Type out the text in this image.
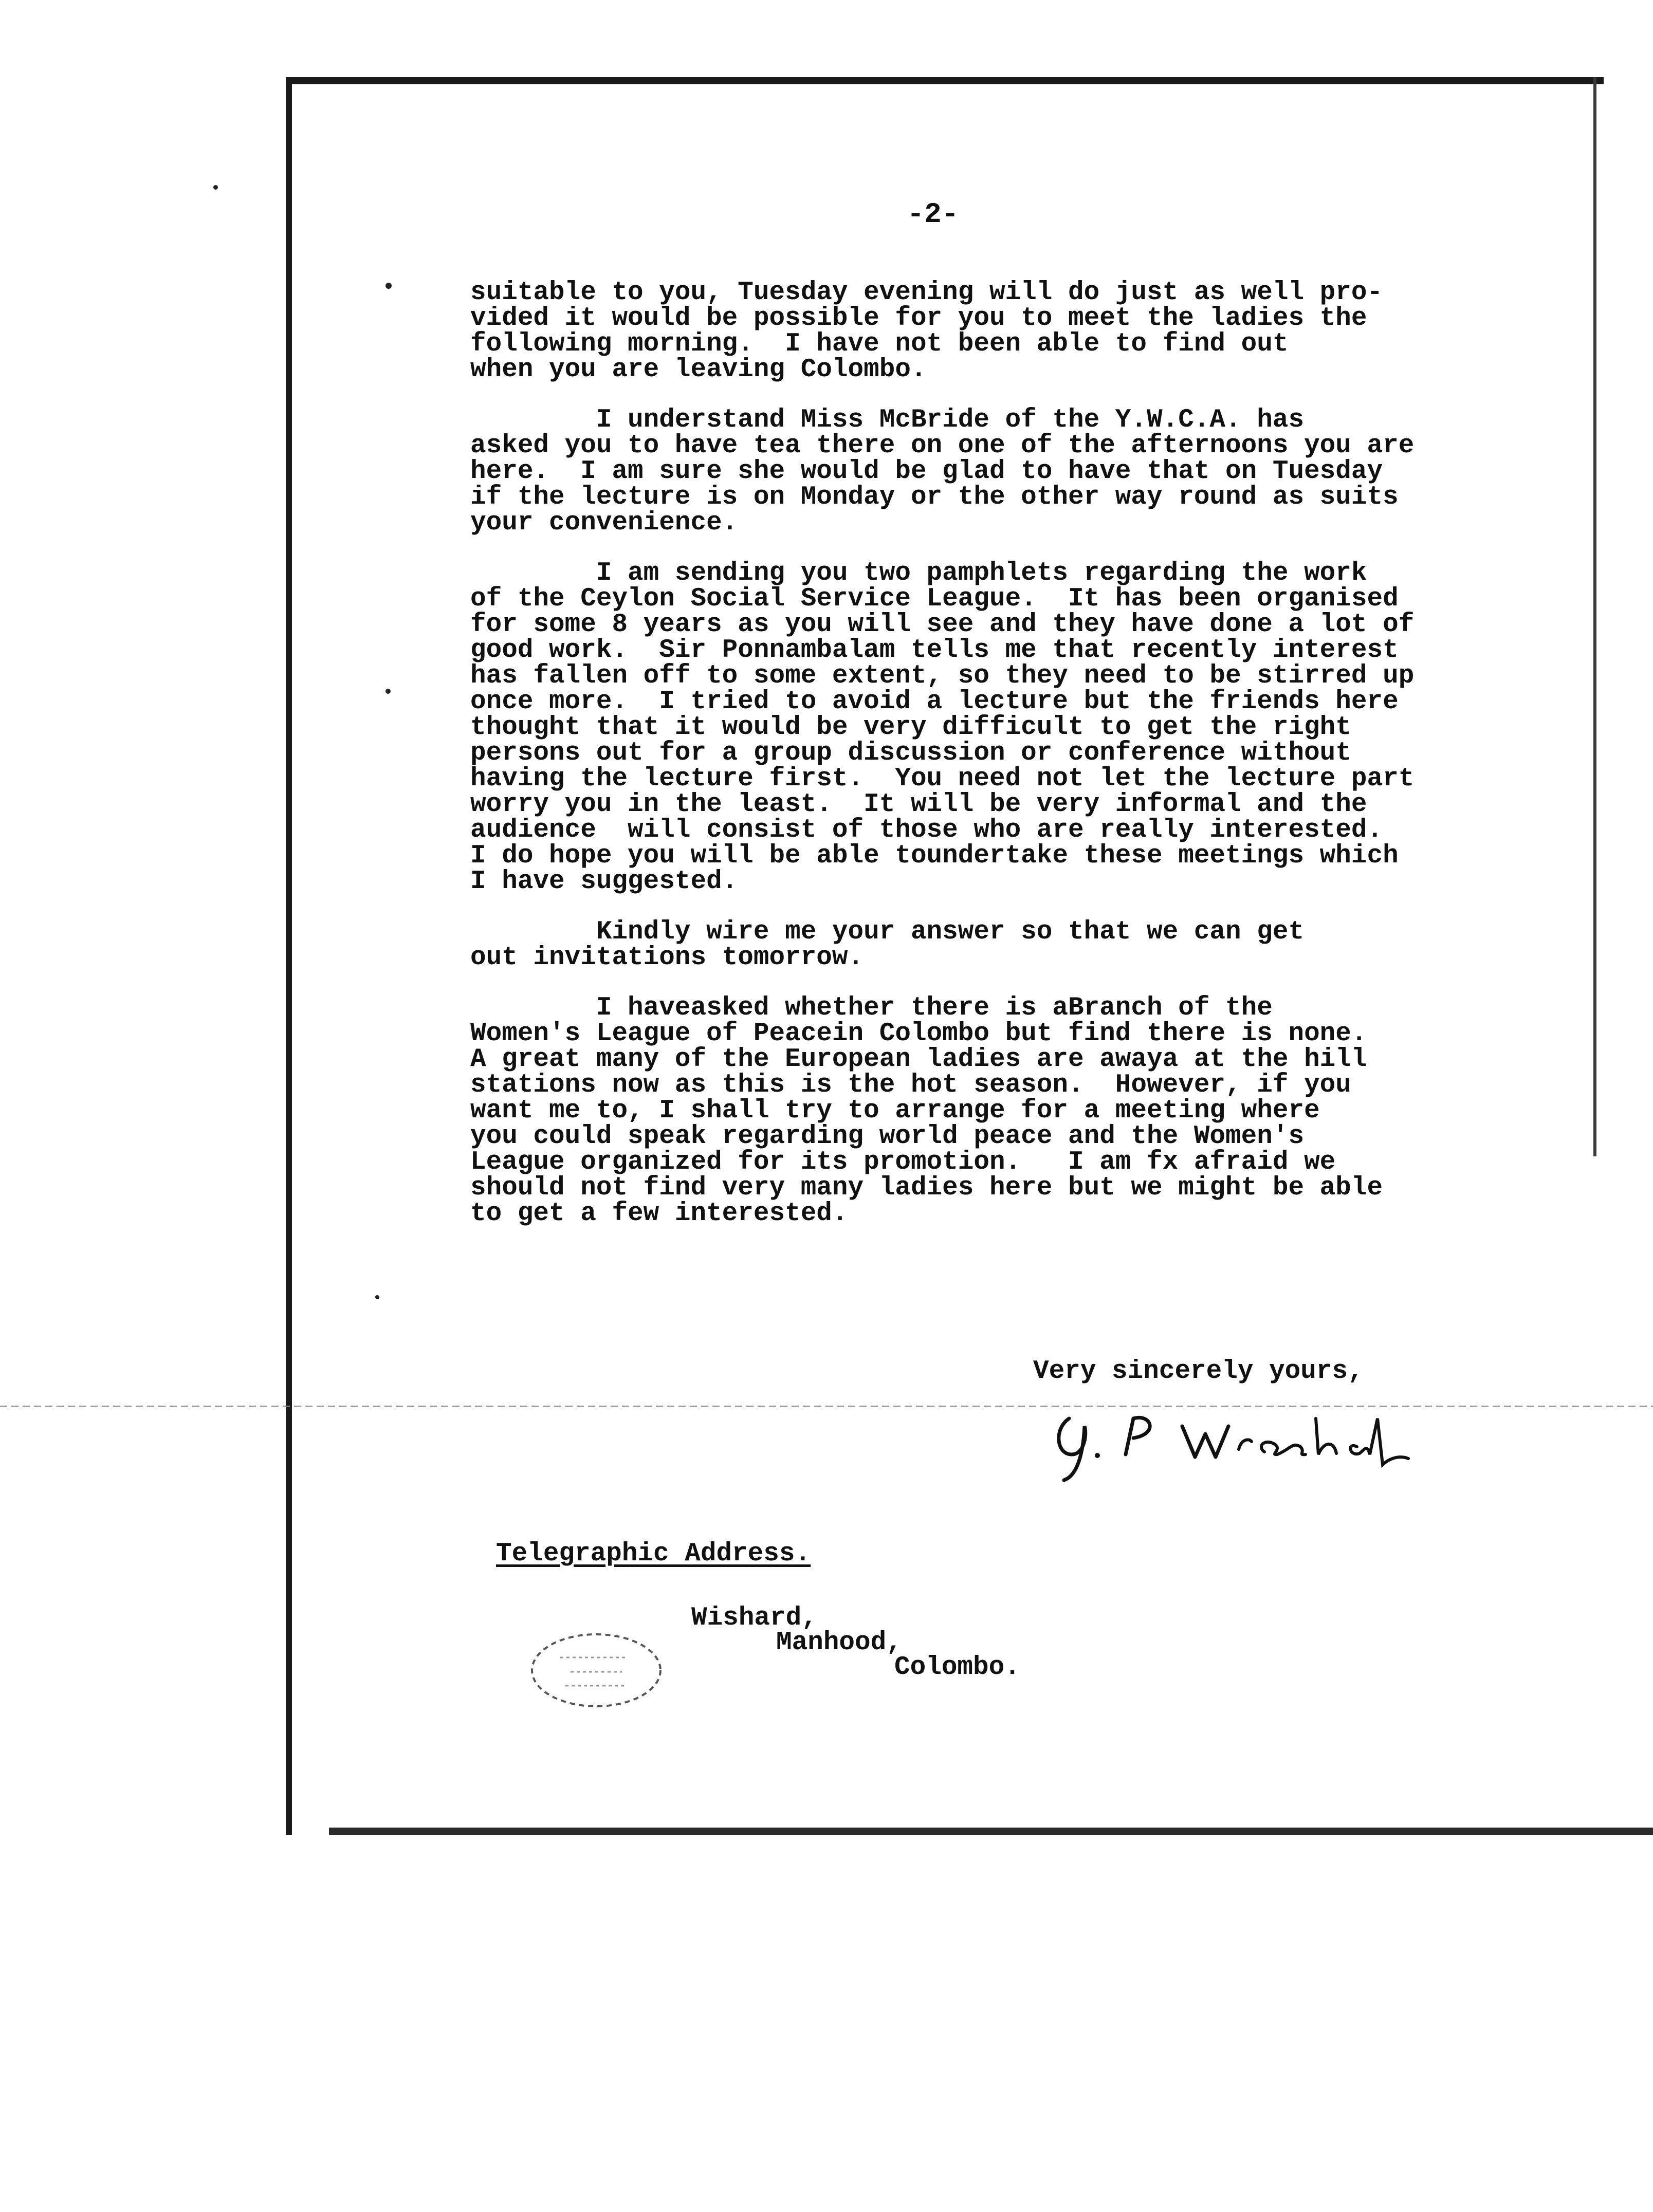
-2-

suitable to you, Tuesday evening will do just as well pro-
vided it would be possible for you to meet the ladies the
following morning.  I have not been able to find out
when you are leaving Colombo.

I understand Miss McBride of the Y.W.C.A. has
asked you to have tea there on one of the afternoons you are
here.  I am sure she would be glad to have that on Tuesday
if the lecture is on Monday or the other way round as suits
your convenience.

I am sending you two pamphlets regarding the work
of the Ceylon Social Service League.  It has been organised
for some 8 years as you will see and they have done a lot of
good work.  Sir Ponnambalam tells me that recently interest
has fallen off to some extent, so they need to be stirred up
once more.  I tried to avoid a lecture but the friends here
thought that it would be very difficult to get the right
persons out for a group discussion or conference without
having the lecture first.  You need not let the lecture part
worry you in the least.  It will be very informal and the
audience  will consist of those who are really interested.
I do hope you will be able toundertake these meetings which
I have suggested.

Kindly wire me your answer so that we can get
out invitations tomorrow.

I haveasked whether there is aBranch of the
Women's League of Peacein Colombo but find there is none.
A great many of the European ladies are awaya at the hill
stations now as this is the hot season.  However, if you
want me to, I shall try to arrange for a meeting where
you could speak regarding world peace and the Women's
League organized for its promotion.   I am fx afraid we
should not find very many ladies here but we might be able
to get a few interested.

Very sincerely yours,
Telegraphic Address.
Wishard,
Manhood,
Colombo.
